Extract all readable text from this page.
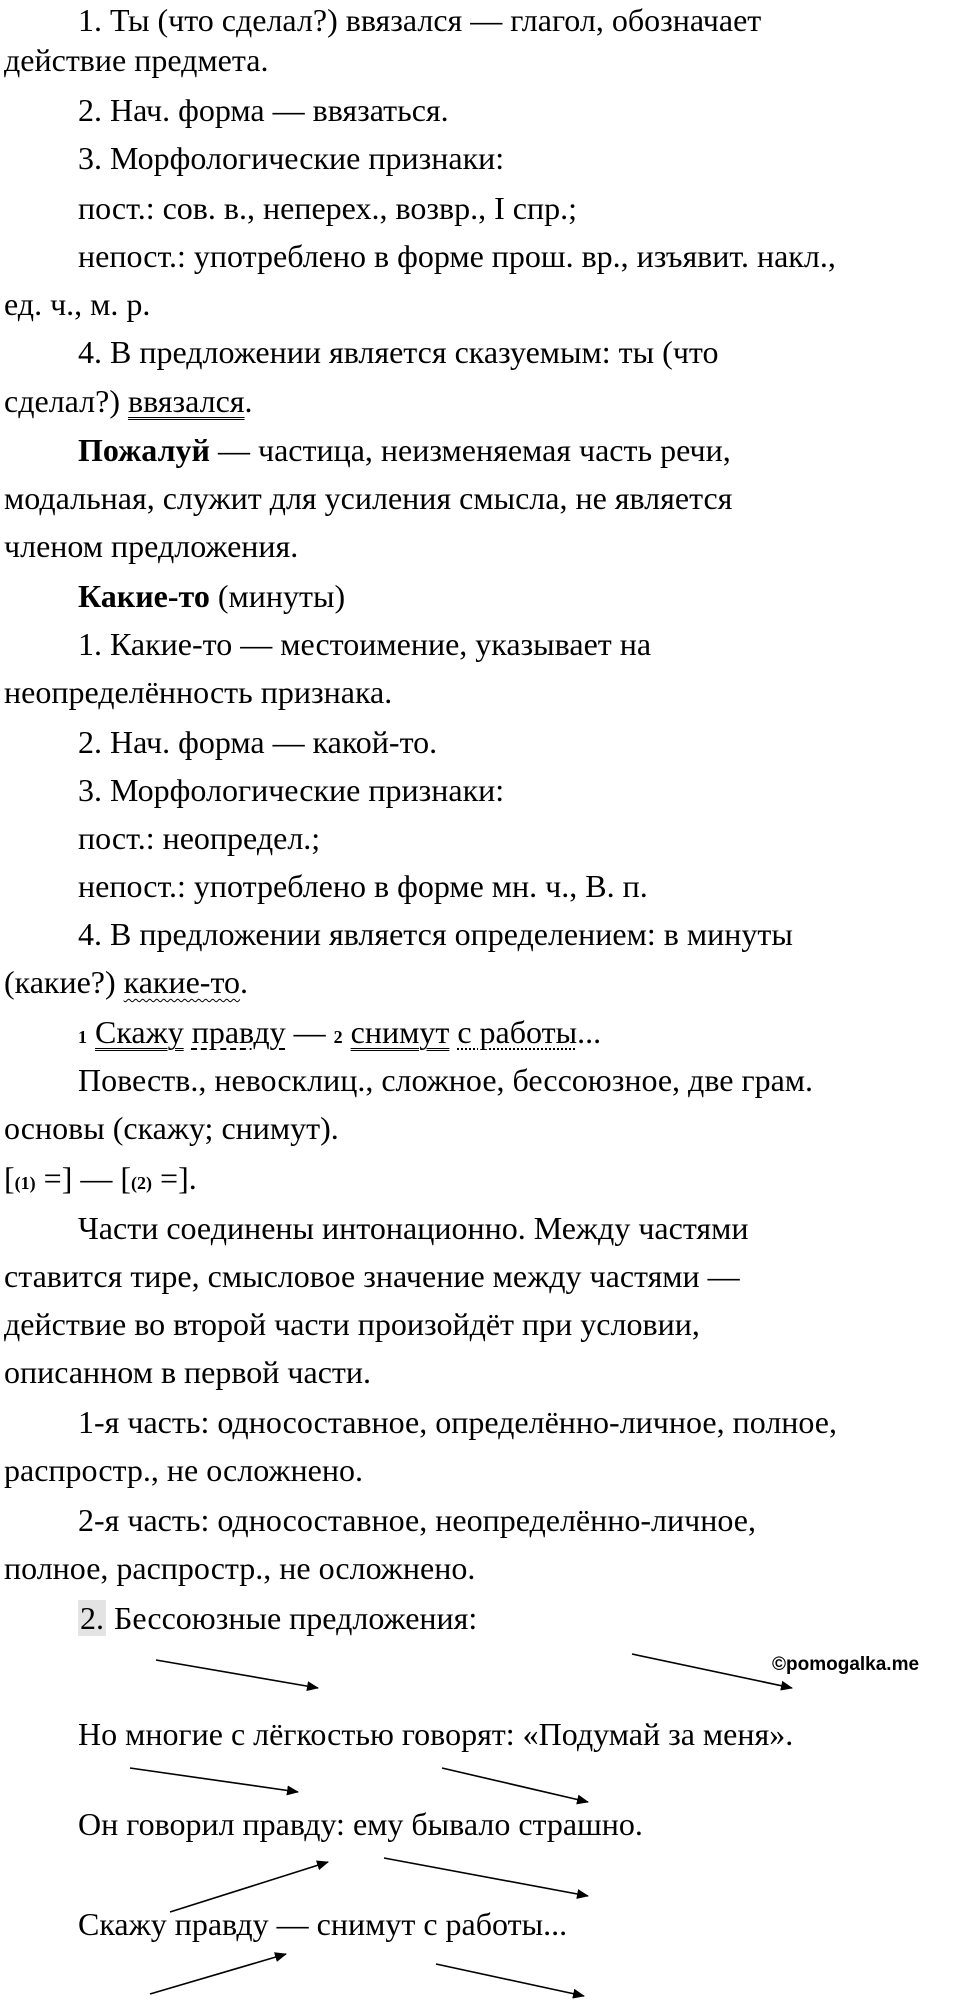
1. Ты (что сделал?) ввязался — глагол, обозначает
действие предмета.
2. Нач. форма — ввязаться.
3. Морфологические признаки:
пост.: сов. в., неперех., возвр., I спр.;
непост.: употреблено в форме прош. вр., изъявит. накл.,
ед. ч., м. р.
4. В предложении является сказуемым: ты (что
сделал?) ввязался.
Пожалуй — частица, неизменяемая часть речи,
модальная, служит для усиления смысла, не является
членом предложения.
Какие-то (минуты)
1. Какие-то — местоимение, указывает на
неопределённость признака.
2. Нач. форма — какой-то.
3. Морфологические признаки:
пост.: неопредел.;
непост.: употреблено в форме мн. ч., В. п.
4. В предложении является определением: в минуты
(какие?) какие-то.
1 Скажу правду — 2 снимут с работы...
Повеств., невосклиц., сложное, бессоюзное, две грам.
основы (скажу; снимут).
[(1) =] — [(2) =].
Части соединены интонационно. Между частями
ставится тире, смысловое значение между частями —
действие во второй части произойдёт при условии,
описанном в первой части.
1-я часть: односоставное, определённо-личное, полное,
распростр., не осложнено.
2-я часть: односоставное, неопределённо-личное,
полное, распростр., не осложнено.
2. Бессоюзные предложения:
©pomogalka.me
Но многие с лёгкостью говорят: «Подумай за меня».
Он говорил правду: ему бывало страшно.
Скажу правду — снимут с работы...
